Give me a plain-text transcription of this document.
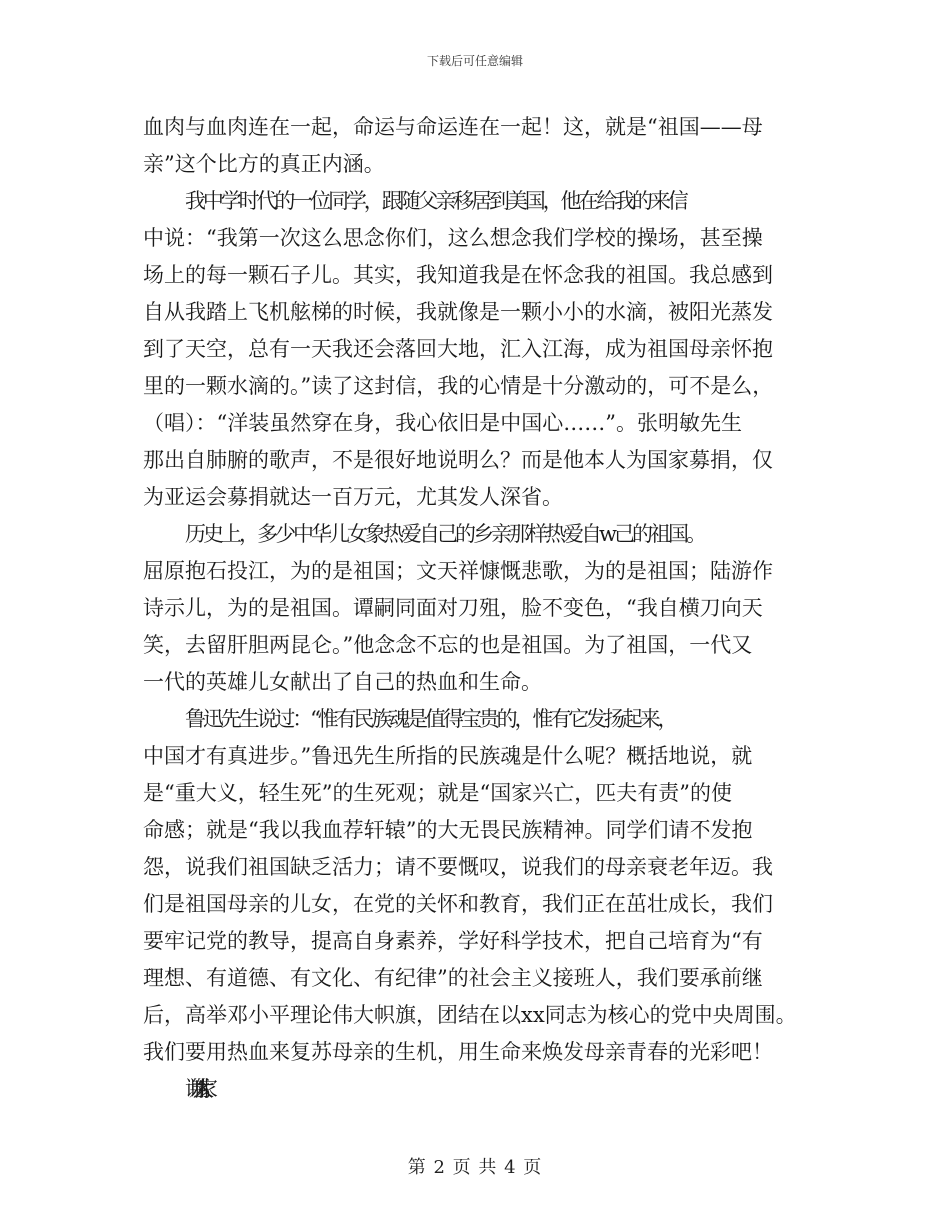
下载后可任意编辑
血肉与血肉连在一起，命运与命运连在一起！这，就是“祖国——母
亲”这个比方的真正内涵。
我中学时代的一位同学，跟随父亲移居到美国，他在给我的来信
中说：“我第一次这么思念你们，这么想念我们学校的操场，甚至操
场上的每一颗石子儿。其实，我知道我是在怀念我的祖国。我总感到
自从我踏上飞机舷梯的时候，我就像是一颗小小的水滴，被阳光蒸发
到了天空，总有一天我还会落回大地，汇入江海，成为祖国母亲怀抱
里的一颗水滴的。”读了这封信，我的心情是十分激动的，可不是么，
（唱）：“洋装虽然穿在身，我心依旧是中国心……”。张明敏先生
那出自肺腑的歌声，不是很好地说明么？而是他本人为国家募捐，仅
为亚运会募捐就达一百万元，尤其发人深省。
历史上，多少中华儿女象热爱自己的乡亲那样热爱自w己的祖国。
屈原抱石投江，为的是祖国；文天祥慷慨悲歌，为的是祖国；陆游作
诗示儿，为的是祖国。谭嗣同面对刀殂，脸不变色，“我自横刀向天
笑，去留肝胆两昆仑。”他念念不忘的也是祖国。为了祖国，一代又
一代的英雄儿女献出了自己的热血和生命。
鲁迅先生说过：“惟有民族魂是值得宝贵的，惟有它发扬起来，
中国才有真进步。”鲁迅先生所指的民族魂是什么呢？概括地说，就
是“重大义，轻生死”的生死观；就是“国家兴亡，匹夫有责”的使
命感；就是“我以我血荐轩辕”的大无畏民族精神。同学们请不发抱
怨，说我们祖国缺乏活力；请不要慨叹，说我们的母亲衰老年迈。我
们是祖国母亲的儿女，在党的关怀和教育，我们正在茁壮成长，我们
要牢记党的教导，提高自身素养，学好科学技术，把自己培育为“有
理想、有道德、有文化、有纪律”的社会主义接班人，我们要承前继
后，高举邓小平理论伟大帜旗，团结在以xx同志为核心的党中央周围。
我们要用热血来复苏母亲的生机，用生命来焕发母亲青春的光彩吧！
谢谢大家
第 2 页 共 4 页
